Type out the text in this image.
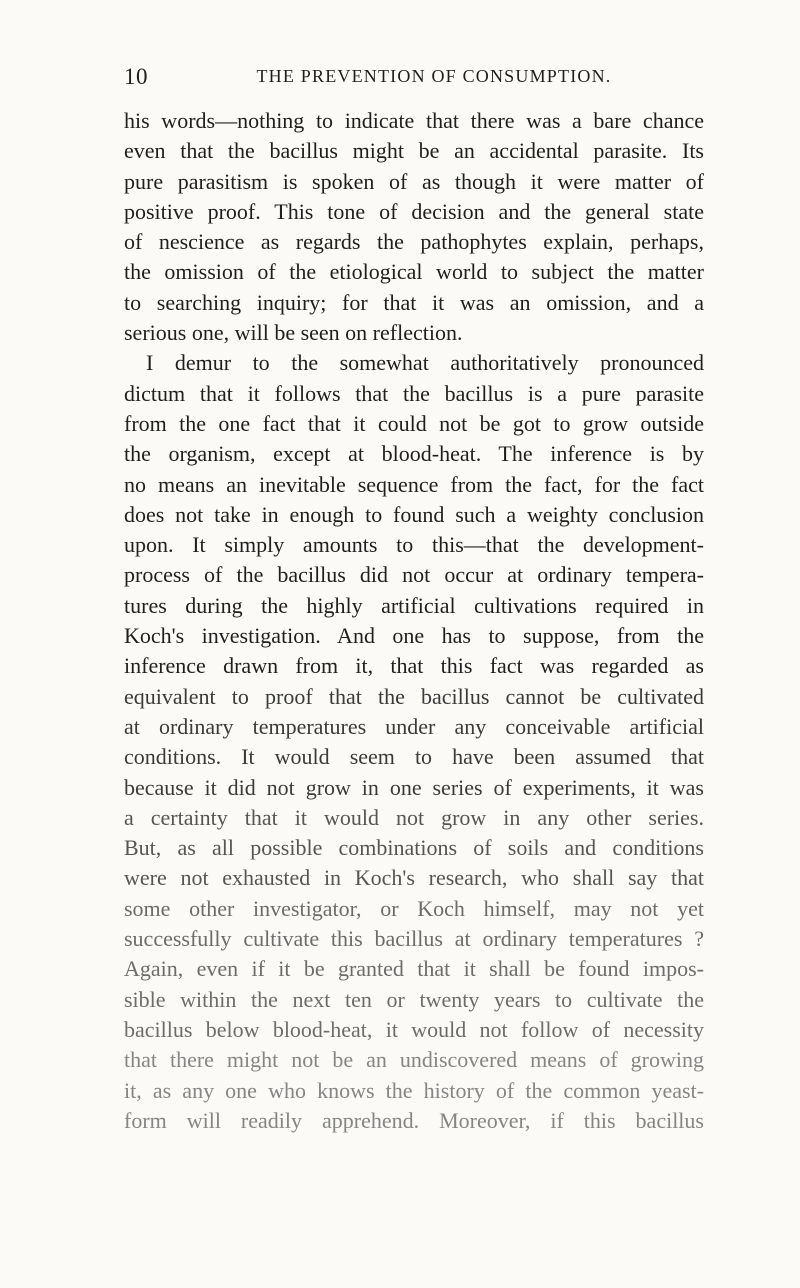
10	THE PREVENTION OF CONSUMPTION.
his words—nothing to indicate that there was a bare chance
even that the bacillus might be an accidental parasite. Its
pure parasitism is spoken of as though it were matter of
positive proof. This tone of decision and the general state
of nescience as regards the pathophytes explain, perhaps,
the omission of the etiological world to subject the matter
to searching inquiry; for that it was an omission, and a
serious one, will be seen on reflection.
I demur to the somewhat authoritatively pronounced
dictum that it follows that the bacillus is a pure parasite
from the one fact that it could not be got to grow outside
the organism, except at blood-heat. The inference is by
no means an inevitable sequence from the fact, for the fact
does not take in enough to found such a weighty conclusion
upon. It simply amounts to this—that the development-
process of the bacillus did not occur at ordinary tempera-
tures during the highly artificial cultivations required in
Koch's investigation. And one has to suppose, from the
inference drawn from it, that this fact was regarded as
equivalent to proof that the bacillus cannot be cultivated
at ordinary temperatures under any conceivable artificial
conditions. It would seem to have been assumed that
because it did not grow in one series of experiments, it was
a certainty that it would not grow in any other series.
But, as all possible combinations of soils and conditions
were not exhausted in Koch's research, who shall say that
some other investigator, or Koch himself, may not yet
successfully cultivate this bacillus at ordinary temperatures ?
Again, even if it be granted that it shall be found impos-
sible within the next ten or twenty years to cultivate the
bacillus below blood-heat, it would not follow of necessity
that there might not be an undiscovered means of growing
it, as any one who knows the history of the common yeast-
form will readily apprehend. Moreover, if this bacillus
